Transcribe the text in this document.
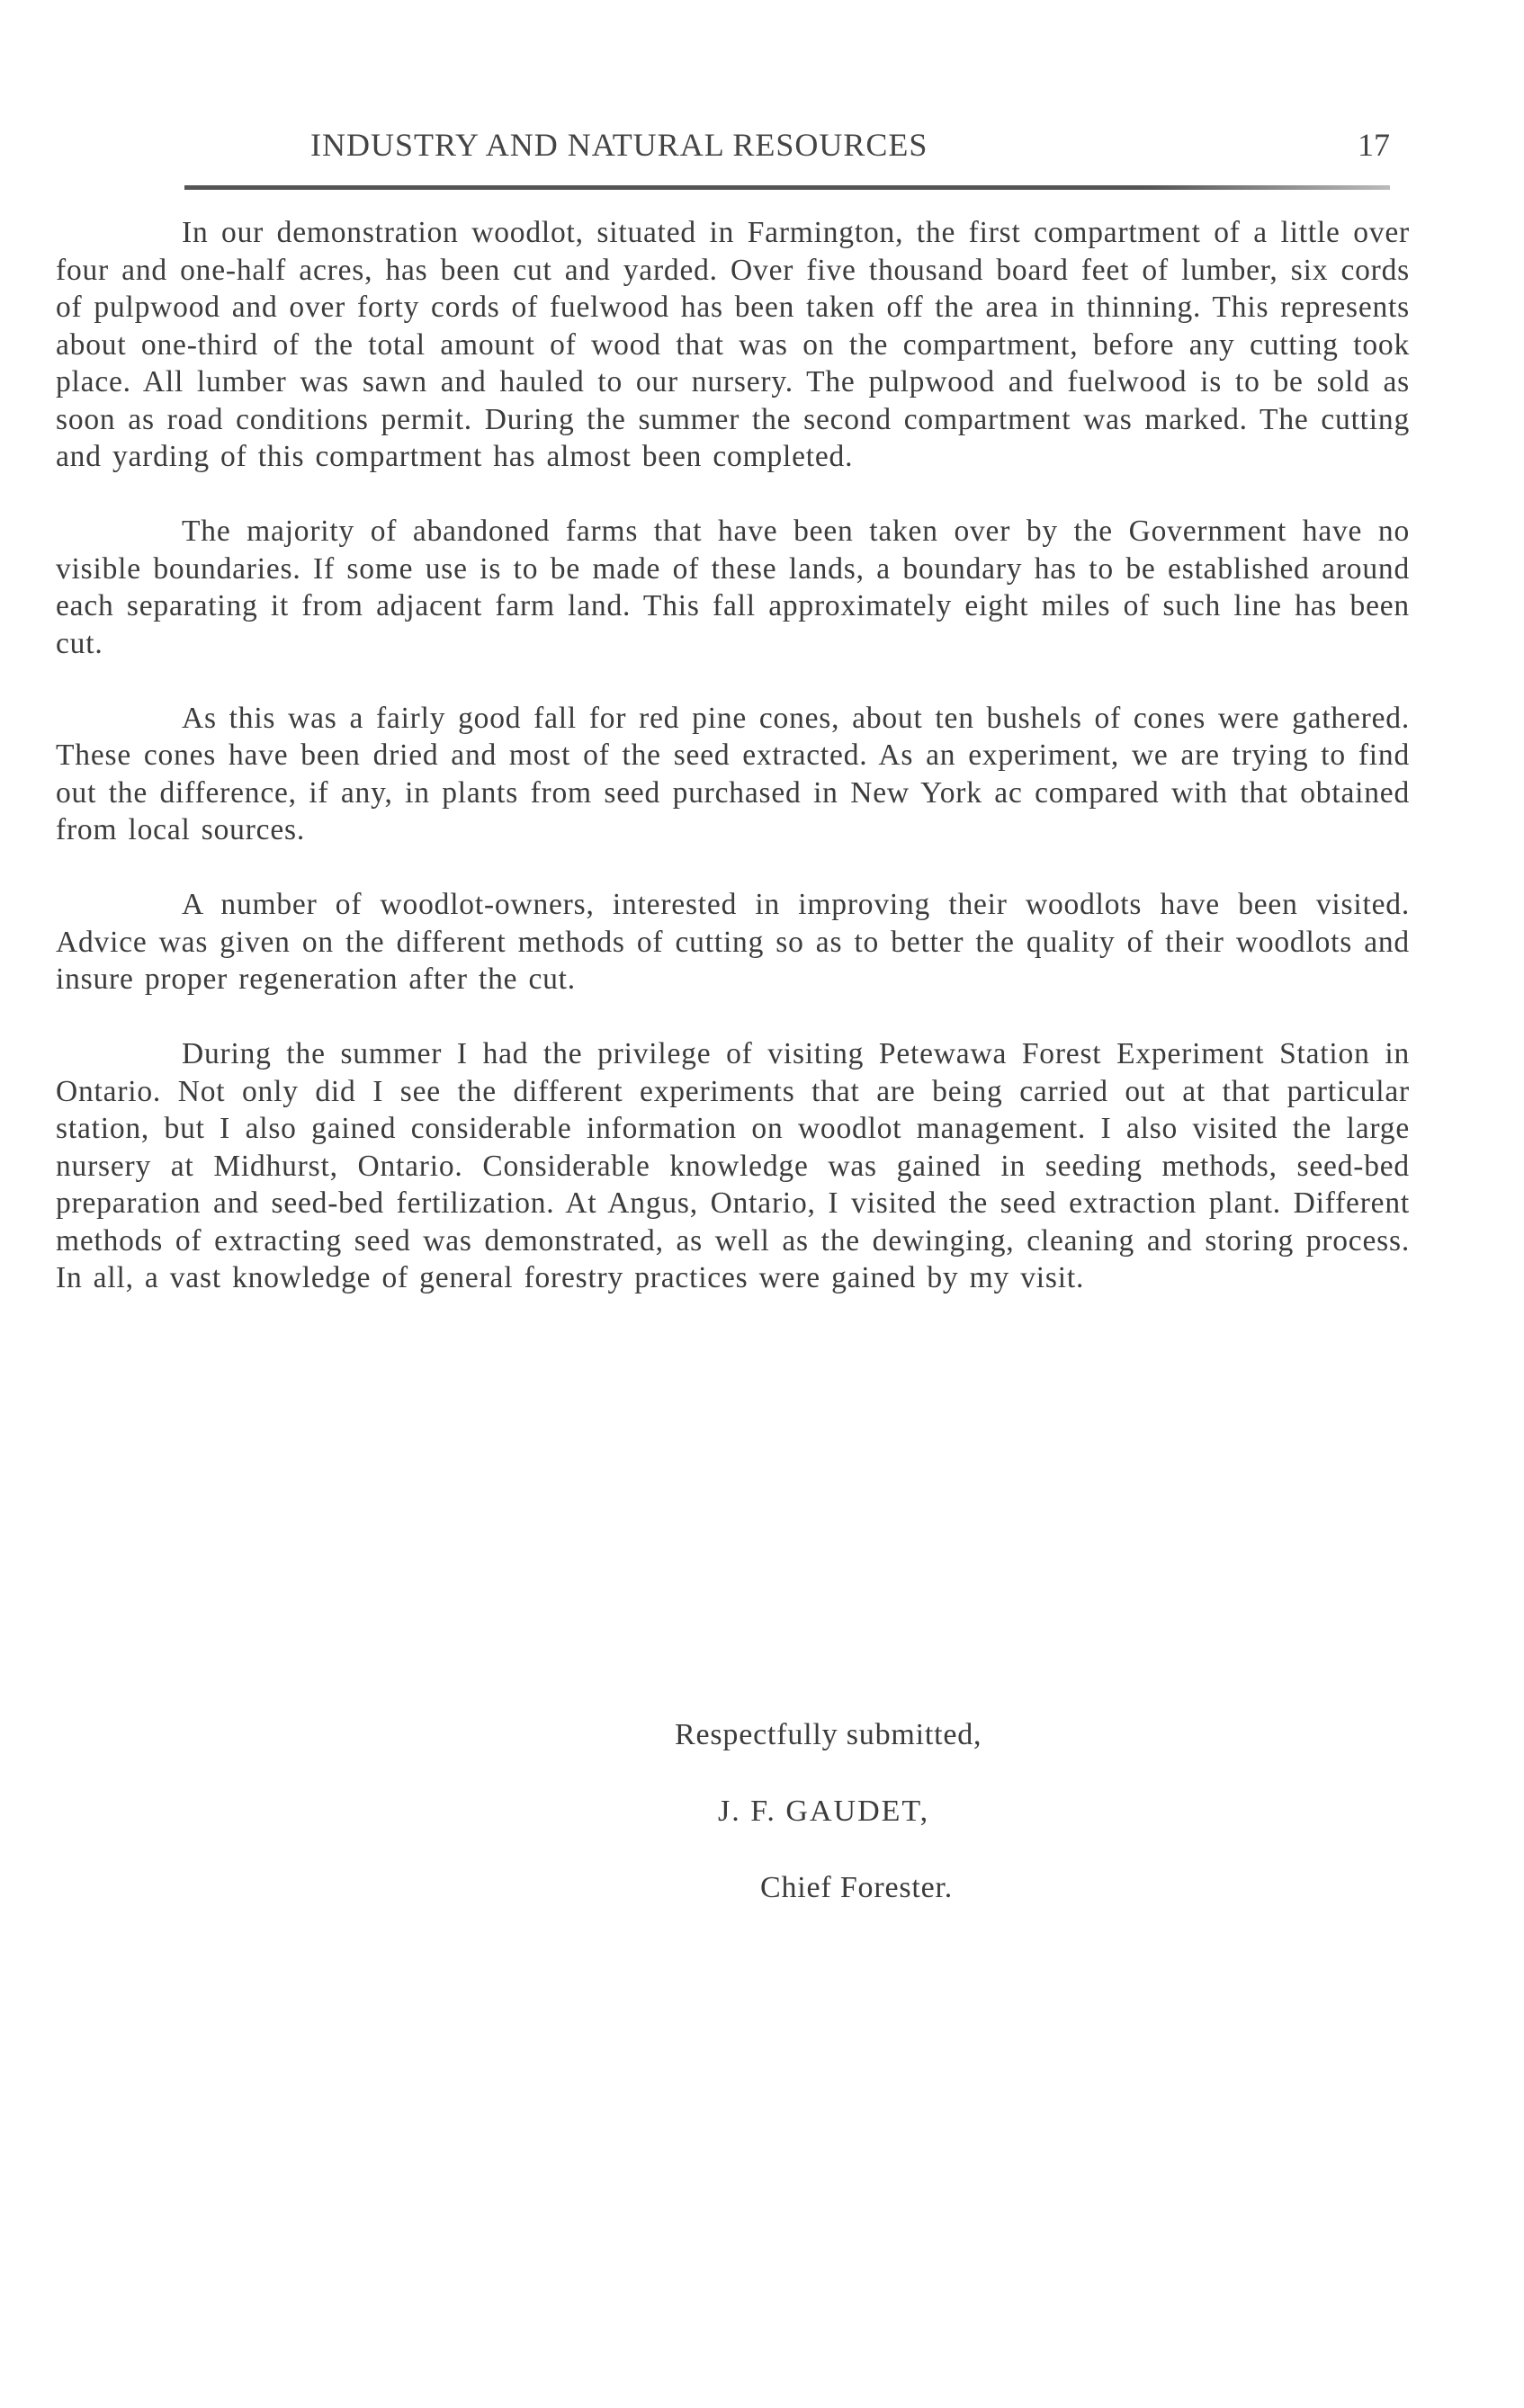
INDUSTRY AND NATURAL RESOURCES	17

In our demonstration woodlot, situated in Farmington, the first compartment of a little over four and one-half acres, has been cut and yarded. Over five thousand board feet of lumber, six cords of pulpwood and over forty cords of fuelwood has been taken off the area in thinning. This represents about one-third of the total amount of wood that was on the compartment, before any cutting took place. All lumber was sawn and hauled to our nursery. The pulpwood and fuelwood is to be sold as soon as road conditions permit. During the summer the second compartment was marked. The cutting and yarding of this compartment has almost been completed.

The majority of abandoned farms that have been taken over by the Government have no visible boundaries. If some use is to be made of these lands, a boundary has to be established around each separating it from adjacent farm land. This fall approximately eight miles of such line has been cut.

As this was a fairly good fall for red pine cones, about ten bushels of cones were gathered. These cones have been dried and most of the seed extracted. As an experiment, we are trying to find out the difference, if any, in plants from seed purchased in New York ac compared with that obtained from local sources.

A number of woodlot-owners, interested in improving their woodlots have been visited. Advice was given on the different methods of cutting so as to better the quality of their woodlots and insure proper regeneration after the cut.

During the summer I had the privilege of visiting Petewawa Forest Experiment Station in Ontario. Not only did I see the different experiments that are being carried out at that particular station, but I also gained considerable information on woodlot management. I also visited the large nursery at Midhurst, Ontario. Considerable knowledge was gained in seeding methods, seed-bed preparation and seed-bed fertilization. At Angus, Ontario, I visited the seed extraction plant. Different methods of extracting seed was demonstrated, as well as the dewinging, cleaning and storing process. In all, a vast knowledge of general forestry practices were gained by my visit.

Respectfully submitted,
J. F. GAUDET,
Chief Forester.
